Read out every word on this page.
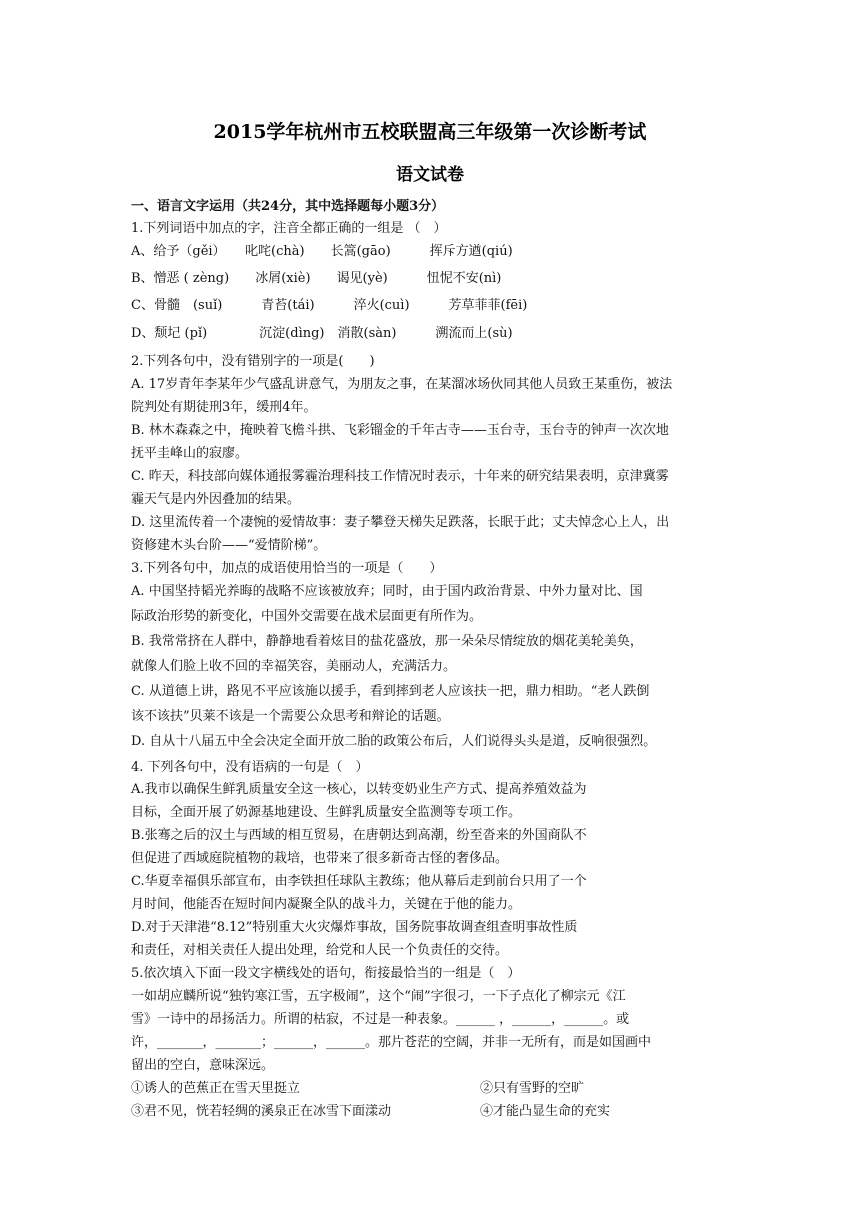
2015学年杭州市五校联盟高三年级第一次诊断考试
语文试卷
一、语言文字运用（共24分，其中选择题每小题3分）
1.下列词语中加点的字，注音全都正确的一组是 （　）
A、给予（gěi）　　叱咤(chà)　　长篙(gāo)　　　挥斥方遒(qiú)
B、憎恶 ( zèng)　　冰屑(xiè)　　谒见(yè)　　　忸怩不安(nì)
C、骨髓　(suǐ)　　　青苔(tái)　　　淬火(cuì)　　　芳草菲菲(fēi)
D、颓圮 (pǐ)　　　　沉淀(dìng)　消散(sàn)　　　溯流而上(sù)
2.下列各句中，没有错别字的一项是(　　)
A. 17岁青年李某年少气盛乱讲意气，为朋友之事，在某溜冰场伙同其他人员致王某重伤，被法
院判处有期徒刑3年，缓刑4年。
B. 林木森森之中，掩映着飞檐斗拱、飞彩镏金的千年古寺——玉台寺，玉台寺的钟声一次次地
抚平圭峰山的寂廖。
C. 昨天，科技部向媒体通报雾霾治理科技工作情况时表示，十年来的研究结果表明，京津冀雾
霾天气是内外因叠加的结果。
D. 这里流传着一个凄惋的爱情故事：妻子攀登天梯失足跌落，长眠于此；丈夫悼念心上人，出
资修建木头台阶——“爱情阶梯”。
3.下列各句中，加点的成语使用恰当的一项是（　　）
A. 中国坚持韬光养晦的战略不应该被放弃；同时，由于国内政治背景、中外力量对比、国
际政治形势的新变化，中国外交需要在战术层面更有所作为。
B. 我常常挤在人群中，静静地看着炫目的盐花盛放，那一朵朵尽情绽放的烟花美轮美奂，
就像人们脸上收不回的幸福笑容，美丽动人，充满活力。
C. 从道德上讲，路见不平应该施以援手，看到摔到老人应该扶一把，鼎力相助。“老人跌倒
该不该扶”贝莱不该是一个需要公众思考和辩论的话题。
D. 自从十八届五中全会决定全面开放二胎的政策公布后，人们说得头头是道，反响很强烈。
4. 下列各句中，没有语病的一句是（　）
A.我市以确保生鲜乳质量安全这一核心，以转变奶业生产方式、提高养殖效益为
目标，全面开展了奶源基地建设、生鲜乳质量安全监测等专项工作。
B.张骞之后的汉土与西域的相互贸易，在唐朝达到高潮，纷至沓来的外国商队不
但促进了西域庭院植物的栽培，也带来了很多新奇古怪的奢侈品。
C.华夏幸福俱乐部宣布，由李铁担任球队主教练；他从幕后走到前台只用了一个
月时间，他能否在短时间内凝聚全队的战斗力，关键在于他的能力。
D.对于天津港“8.12”特别重大火灾爆炸事故，国务院事故调查组查明事故性质
和责任，对相关责任人提出处理，给党和人民一个负责任的交待。
5.依次填入下面一段文字横线处的语句，衔接最恰当的一组是（　）
一如胡应麟所说“独钓寒江雪，五字极闹”，这个“闹”字很刁，一下子点化了柳宗元《江
雪》一诗中的昂扬活力。所谓的枯寂，不过是一种表象。______ ，______，______。或
许，_______，_______；______，______。那片苍茫的空阔，并非一无所有，而是如国画中
留出的空白，意味深远。
①诱人的芭蕉正在雪天里挺立	②只有雪野的空旷
③君不见，恍若轻绸的溪泉正在冰雪下面漾动	④才能凸显生命的充实
